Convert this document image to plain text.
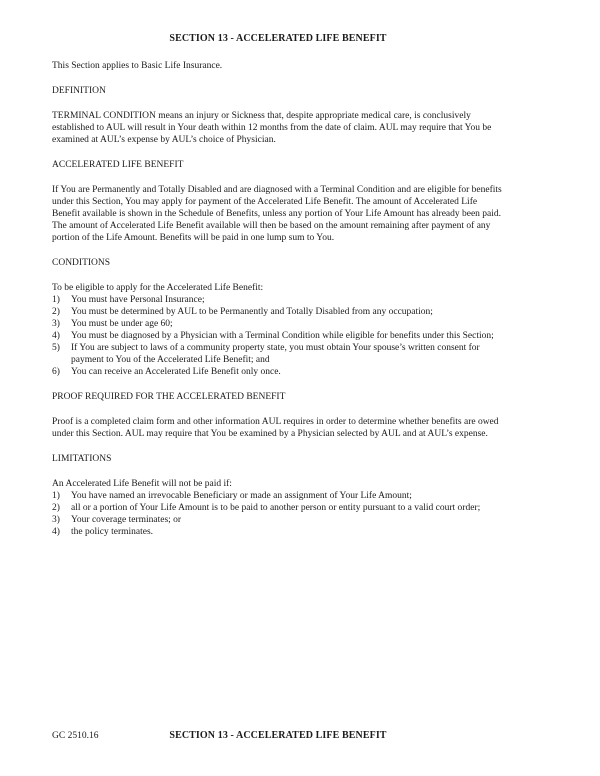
SECTION 13 - ACCELERATED LIFE BENEFIT
This Section applies to Basic Life Insurance.
DEFINITION
TERMINAL CONDITION means an injury or Sickness that, despite appropriate medical care, is conclusively established to AUL will result in Your death within 12 months from the date of claim. AUL may require that You be examined at AUL’s expense by AUL’s choice of Physician.
ACCELERATED LIFE BENEFIT
If You are Permanently and Totally Disabled and are diagnosed with a Terminal Condition and are eligible for benefits under this Section, You may apply for payment of the Accelerated Life Benefit. The amount of Accelerated Life Benefit available is shown in the Schedule of Benefits, unless any portion of Your Life Amount has already been paid. The amount of Accelerated Life Benefit available will then be based on the amount remaining after payment of any portion of the Life Amount. Benefits will be paid in one lump sum to You.
CONDITIONS
To be eligible to apply for the Accelerated Life Benefit:
1) You must have Personal Insurance;
2) You must be determined by AUL to be Permanently and Totally Disabled from any occupation;
3) You must be under age 60;
4) You must be diagnosed by a Physician with a Terminal Condition while eligible for benefits under this Section;
5) If You are subject to laws of a community property state, you must obtain Your spouse’s written consent for payment to You of the Accelerated Life Benefit; and
6) You can receive an Accelerated Life Benefit only once.
PROOF REQUIRED FOR THE ACCELERATED BENEFIT
Proof is a completed claim form and other information AUL requires in order to determine whether benefits are owed under this Section. AUL may require that You be examined by a Physician selected by AUL and at AUL’s expense.
LIMITATIONS
An Accelerated Life Benefit will not be paid if:
1) You have named an irrevocable Beneficiary or made an assignment of Your Life Amount;
2) all or a portion of Your Life Amount is to be paid to another person or entity pursuant to a valid court order;
3) Your coverage terminates; or
4) the policy terminates.
GC 2510.16	SECTION 13 - ACCELERATED LIFE BENEFIT
